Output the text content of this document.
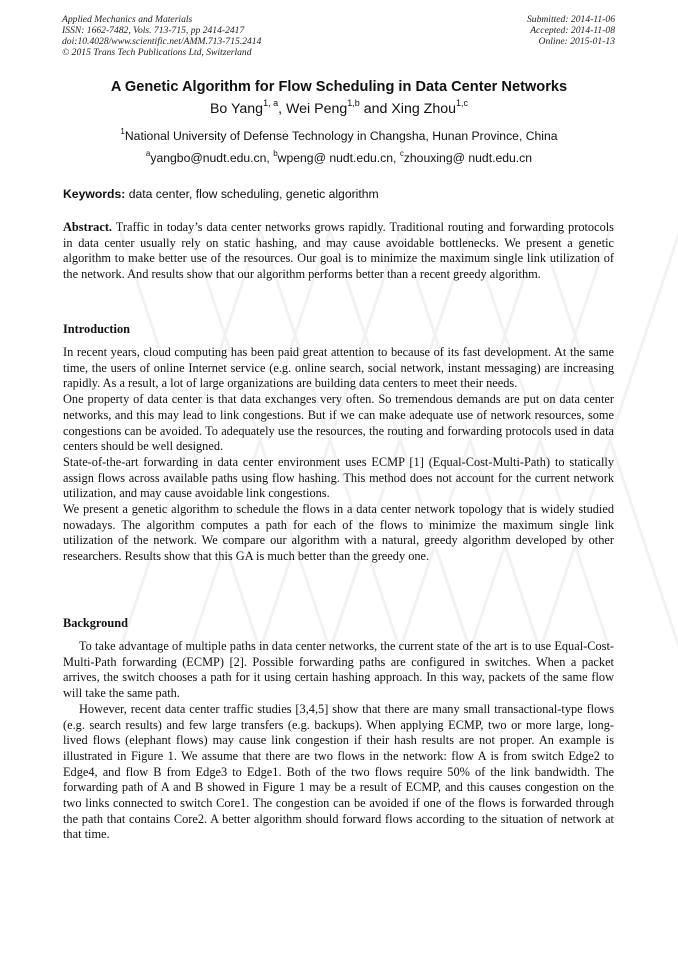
Applied Mechanics and Materials
ISSN: 1662-7482, Vols. 713-715, pp 2414-2417
doi:10.4028/www.scientific.net/AMM.713-715.2414
© 2015 Trans Tech Publications Ltd, Switzerland
Submitted: 2014-11-06
Accepted: 2014-11-08
Online: 2015-01-13
A Genetic Algorithm for Flow Scheduling in Data Center Networks
Bo Yang$^{1, a}$, Wei Peng$^{1,b}$ and Xing Zhou$^{1,c}$
$^1$National University of Defense Technology in Changsha, Hunan Province, China
$^a$yangbo@nudt.edu.cn, $^b$wpeng@ nudt.edu.cn, $^c$zhouxing@ nudt.edu.cn
Keywords: data center, flow scheduling, genetic algorithm

Abstract. Traffic in today’s data center networks grows rapidly. Traditional routing and forwarding protocols in data center usually rely on static hashing, and may cause avoidable bottlenecks. We present a genetic algorithm to make better use of the resources. Our goal is to minimize the maximum single link utilization of the network. And results show that our algorithm performs better than a recent greedy algorithm.

Introduction

In recent years, cloud computing has been paid great attention to because of its fast development. At the same time, the users of online Internet service (e.g. online search, social network, instant messaging) are increasing rapidly. As a result, a lot of large organizations are building data centers to meet their needs.

One property of data center is that data exchanges very often. So tremendous demands are put on data center networks, and this may lead to link congestions. But if we can make adequate use of network resources, some congestions can be avoided. To adequately use the resources, the routing and forwarding protocols used in data centers should be well designed.

State-of-the-art forwarding in data center environment uses ECMP [1] (Equal-Cost-Multi-Path) to statically assign flows across available paths using flow hashing. This method does not account for the current network utilization, and may cause avoidable link congestions.

We present a genetic algorithm to schedule the flows in a data center network topology that is widely studied nowadays. The algorithm computes a path for each of the flows to minimize the maximum single link utilization of the network. We compare our algorithm with a natural, greedy algorithm developed by other researchers. Results show that this GA is much better than the greedy one.

Background

To take advantage of multiple paths in data center networks, the current state of the art is to use Equal-Cost-Multi-Path forwarding (ECMP) [2]. Possible forwarding paths are configured in switches. When a packet arrives, the switch chooses a path for it using certain hashing approach. In this way, packets of the same flow will take the same path.

However, recent data center traffic studies [3,4,5] show that there are many small transactional-type flows (e.g. search results) and few large transfers (e.g. backups). When applying ECMP, two or more large, long-lived flows (elephant flows) may cause link congestion if their hash results are not proper. An example is illustrated in Figure 1. We assume that there are two flows in the network: flow A is from switch Edge2 to Edge4, and flow B from Edge3 to Edge1. Both of the two flows require 50% of the link bandwidth. The forwarding path of A and B showed in Figure 1 may be a result of ECMP, and this causes congestion on the two links connected to switch Core1. The congestion can be avoided if one of the flows is forwarded through the path that contains Core2. A better algorithm should forward flows according to the situation of network at that time.
